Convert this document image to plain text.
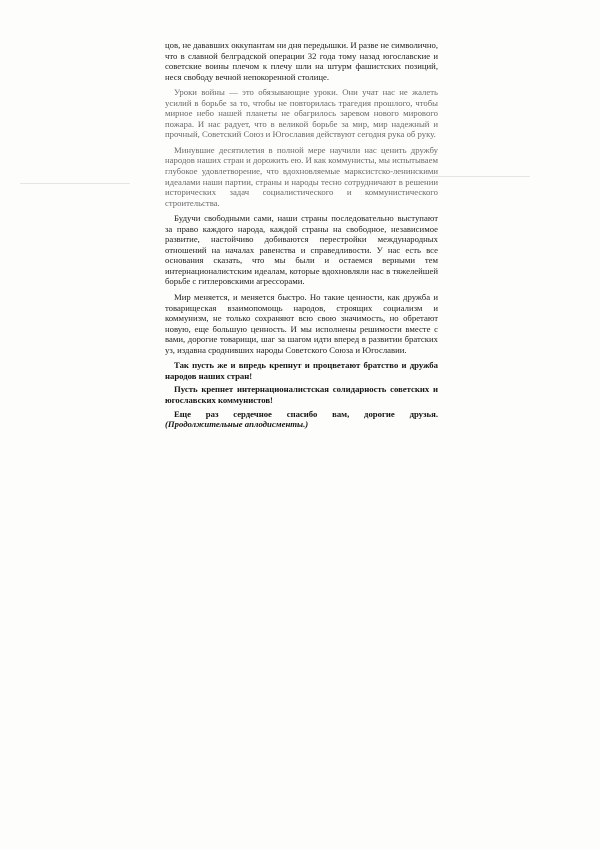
цов, не дававших оккупантам ни дня передышки. И разве не символично, что в славной белградской операции 32 года тому назад югославские и советские воины плечом к плечу шли на штурм фашистских позиций, неся свободу вечной непокоренной столице.

Уроки войны — это обязывающие уроки. Они учат нас не жалеть усилий в борьбе за то, чтобы не повторилась трагедия прошлого, чтобы мирное небо нашей планеты не обагрилось заревом нового мирового пожара. И нас радует, что в великой борьбе за мир, мир надежный и прочный, Советский Союз и Югославия действуют сегодня рука об руку.

Минувшие десятилетия в полной мере научили нас ценить дружбу народов наших стран и дорожить ею. И как коммунисты, мы испытываем глубокое удовлетворение, что вдохновляемые марксистско-ленинскими идеалами наши партии, страны и народы тесно сотрудничают в решении исторических задач социалистического и коммунистического строительства.

Будучи свободными сами, наши страны последовательно выступают за право каждого народа, каждой страны на свободное, независимое развитие, настойчиво добиваются перестройки международных отношений на началах равенства и справедливости. У нас есть все основания сказать, что мы были и остаемся верными тем интернационалистским идеалам, которые вдохновляли нас в тяжелейшей борьбе с гитлеровскими агрессорами.

Мир меняется, и меняется быстро. Но такие ценности, как дружба и товарищеская взаимопомощь народов, строящих социализм и коммунизм, не только сохраняют всю свою значимость, но обретают новую, еще большую ценность. И мы исполнены решимости вместе с вами, дорогие товарищи, шаг за шагом идти вперед в развитии братских уз, издавна сроднивших народы Советского Союза и Югославии.

Так пусть же и впредь крепнут и процветают братство и дружба народов наших стран!

Пусть крепнет интернационалистская солидарность советских и югославских коммунистов!

Еще раз сердечное спасибо вам, дорогие друзья. (Продолжительные аплодисменты.)
